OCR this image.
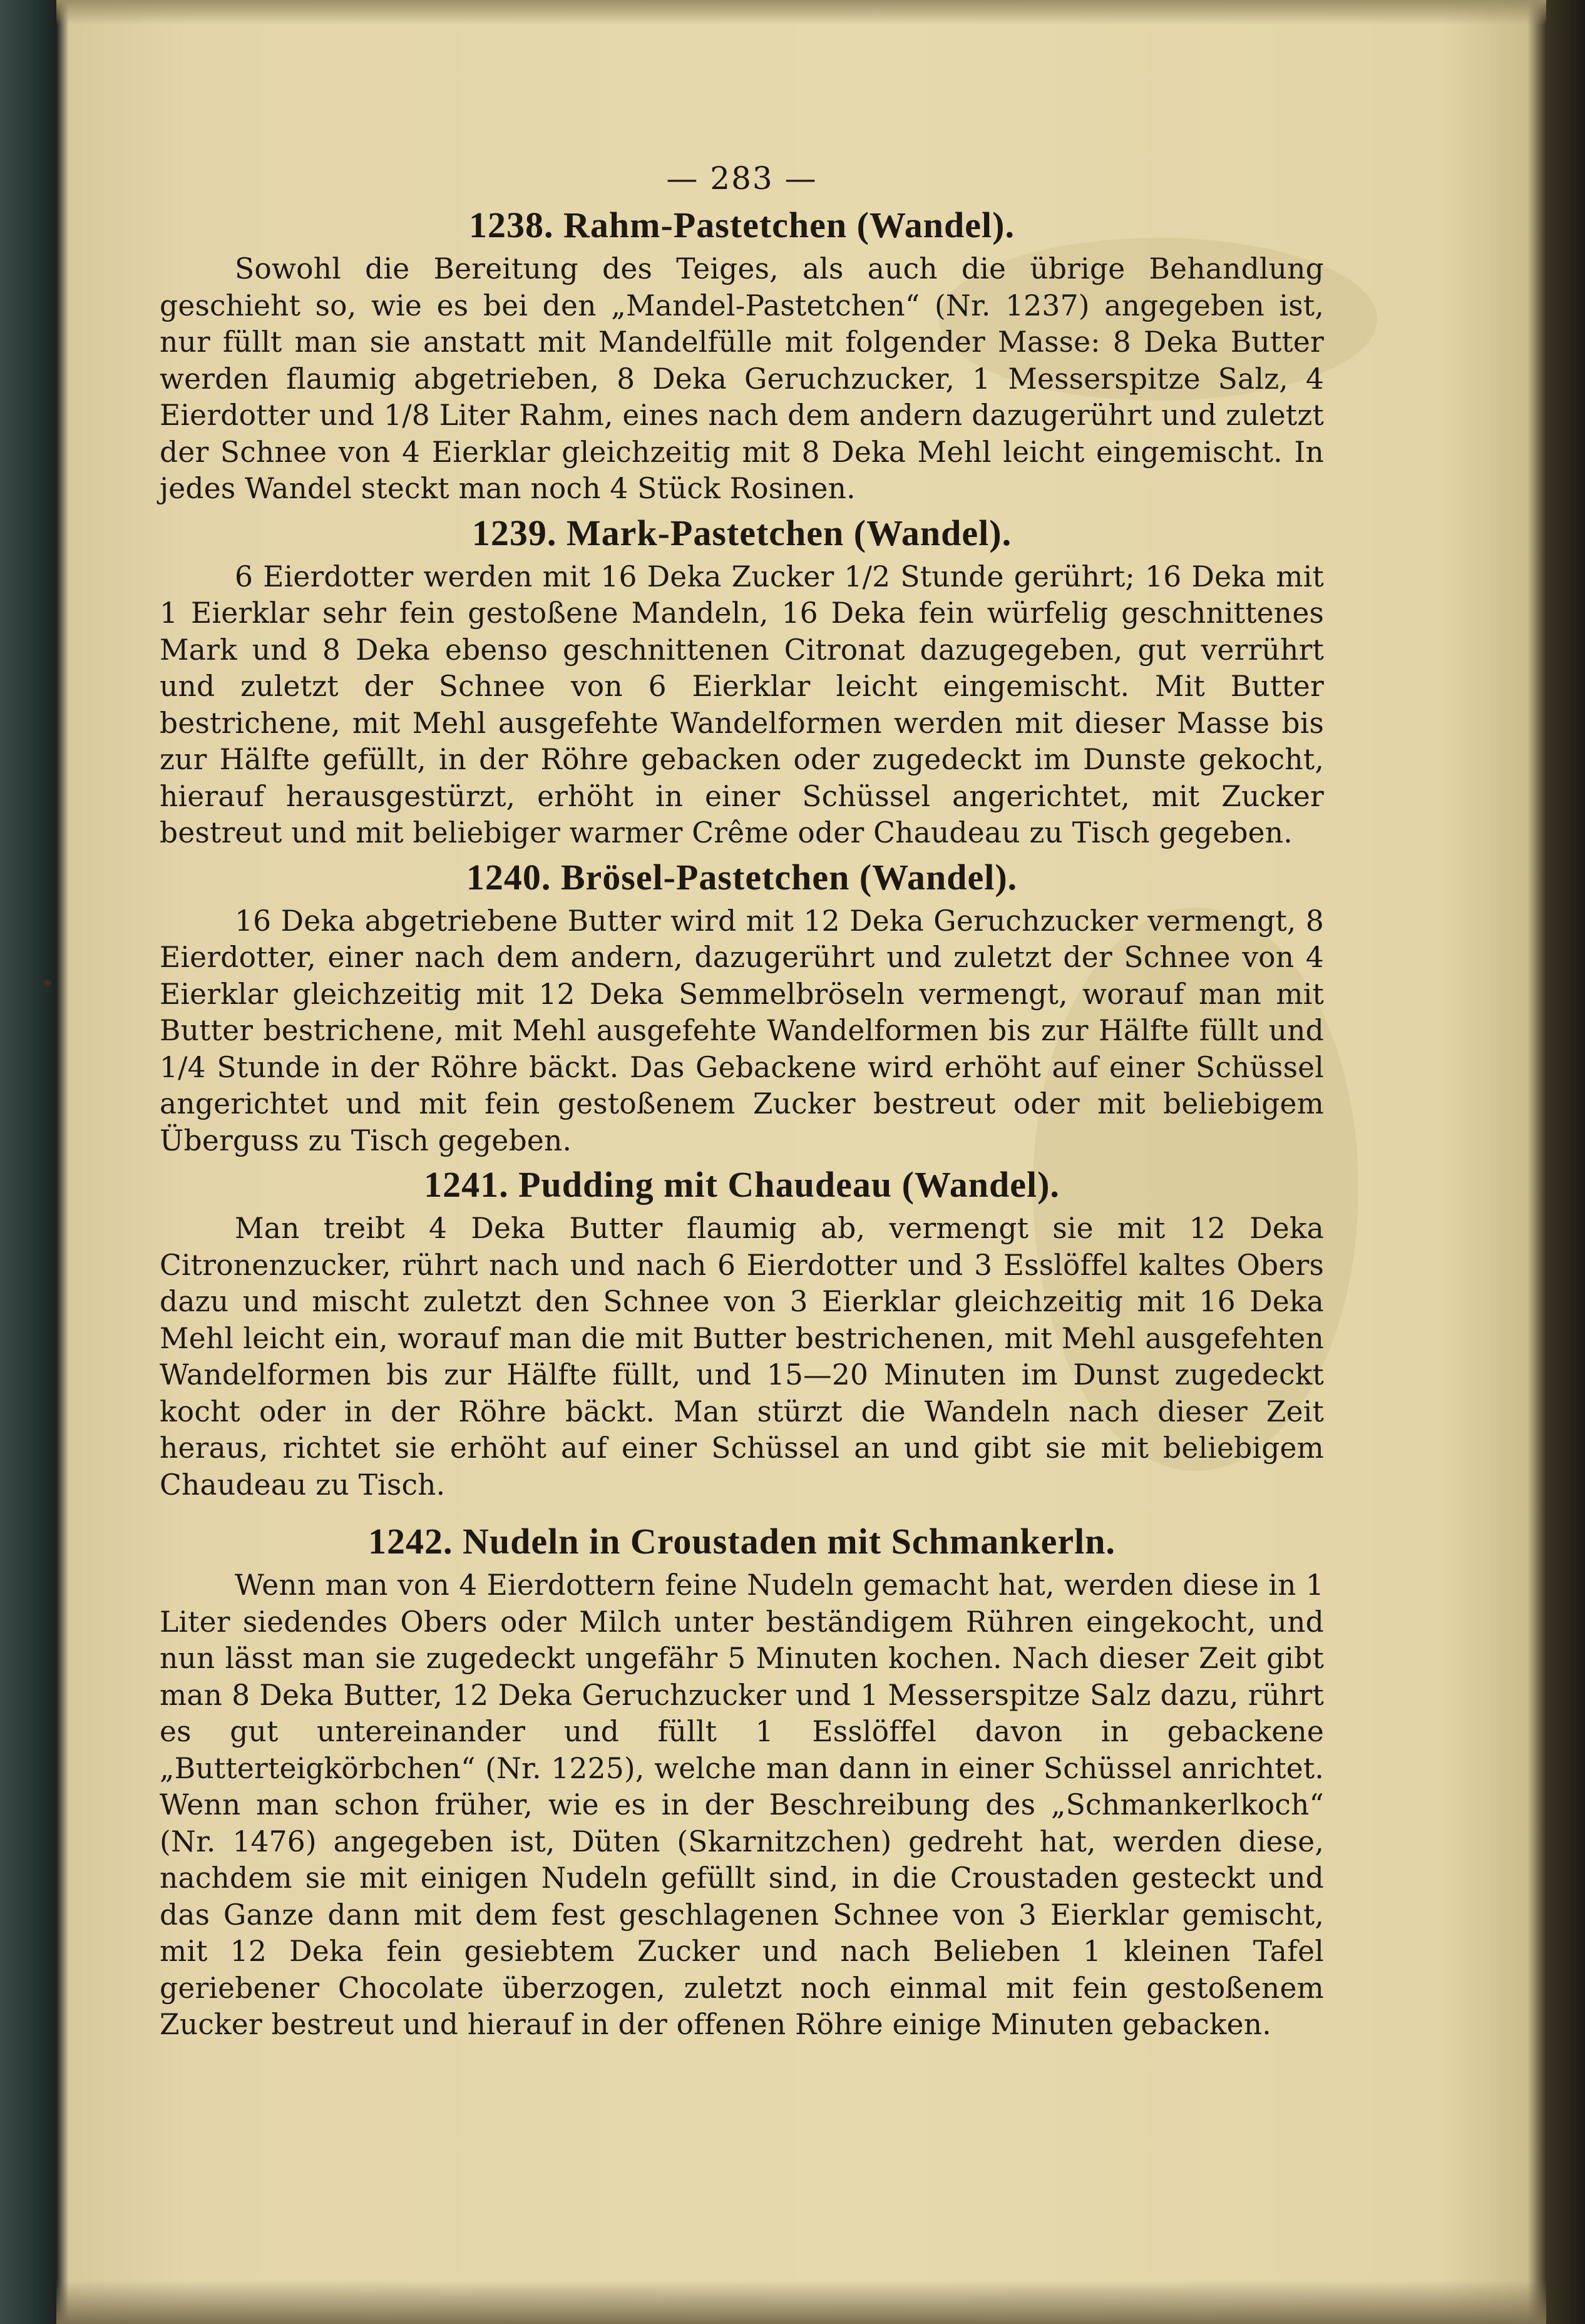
— 283 —
1238. Rahm-Pastetchen (Wandel).

Sowohl die Bereitung des Teiges, als auch die übrige Behandlung geschieht so, wie es bei den „Mandel-Pastetchen“ (Nr. 1237) angegeben ist, nur füllt man sie anstatt mit Mandelfülle mit folgender Masse: 8 Deka Butter werden flaumig abgetrieben, 8 Deka Geruchzucker, 1 Messerspitze Salz, 4 Eierdotter und 1/8 Liter Rahm, eines nach dem andern dazugerührt und zuletzt der Schnee von 4 Eierklar gleichzeitig mit 8 Deka Mehl leicht eingemischt. In jedes Wandel steckt man noch 4 Stück Rosinen.

1239. Mark-Pastetchen (Wandel).

6 Eierdotter werden mit 16 Deka Zucker 1/2 Stunde gerührt; 16 Deka mit 1 Eierklar sehr fein gestoßene Mandeln, 16 Deka fein würfelig geschnittenes Mark und 8 Deka ebenso geschnittenen Citronat dazugegeben, gut verrührt und zuletzt der Schnee von 6 Eierklar leicht eingemischt. Mit Butter bestrichene, mit Mehl ausgefehte Wandelformen werden mit dieser Masse bis zur Hälfte gefüllt, in der Röhre gebacken oder zugedeckt im Dunste gekocht, hierauf herausgestürzt, erhöht in einer Schüssel angerichtet, mit Zucker bestreut und mit beliebiger warmer Crême oder Chaudeau zu Tisch gegeben.

1240. Brösel-Pastetchen (Wandel).

16 Deka abgetriebene Butter wird mit 12 Deka Geruchzucker vermengt, 8 Eierdotter, einer nach dem andern, dazugerührt und zuletzt der Schnee von 4 Eierklar gleichzeitig mit 12 Deka Semmelbröseln vermengt, worauf man mit Butter bestrichene, mit Mehl ausgefehte Wandelformen bis zur Hälfte füllt und 1/4 Stunde in der Röhre bäckt. Das Gebackene wird erhöht auf einer Schüssel angerichtet und mit fein gestoßenem Zucker bestreut oder mit beliebigem Überguss zu Tisch gegeben.

1241. Pudding mit Chaudeau (Wandel).

Man treibt 4 Deka Butter flaumig ab, vermengt sie mit 12 Deka Citronenzucker, rührt nach und nach 6 Eierdotter und 3 Esslöffel kaltes Obers dazu und mischt zuletzt den Schnee von 3 Eierklar gleichzeitig mit 16 Deka Mehl leicht ein, worauf man die mit Butter bestrichenen, mit Mehl ausgefehten Wandelformen bis zur Hälfte füllt, und 15—20 Minuten im Dunst zugedeckt kocht oder in der Röhre bäckt. Man stürzt die Wandeln nach dieser Zeit heraus, richtet sie erhöht auf einer Schüssel an und gibt sie mit beliebigem Chaudeau zu Tisch.

1242. Nudeln in Croustaden mit Schmankerln.

Wenn man von 4 Eierdottern feine Nudeln gemacht hat, werden diese in 1 Liter siedendes Obers oder Milch unter beständigem Rühren eingekocht, und nun lässt man sie zugedeckt ungefähr 5 Minuten kochen. Nach dieser Zeit gibt man 8 Deka Butter, 12 Deka Geruchzucker und 1 Messerspitze Salz dazu, rührt es gut untereinander und füllt 1 Esslöffel davon in gebackene „Butterteigkörbchen“ (Nr. 1225), welche man dann in einer Schüssel anrichtet. Wenn man schon früher, wie es in der Beschreibung des „Schmankerlkoch“ (Nr. 1476) angegeben ist, Düten (Skarnitzchen) gedreht hat, werden diese, nachdem sie mit einigen Nudeln gefüllt sind, in die Croustaden gesteckt und das Ganze dann mit dem fest geschlagenen Schnee von 3 Eierklar gemischt, mit 12 Deka fein gesiebtem Zucker und nach Belieben 1 kleinen Tafel geriebener Chocolate überzogen, zuletzt noch einmal mit fein gestoßenem Zucker bestreut und hierauf in der offenen Röhre einige Minuten gebacken.
